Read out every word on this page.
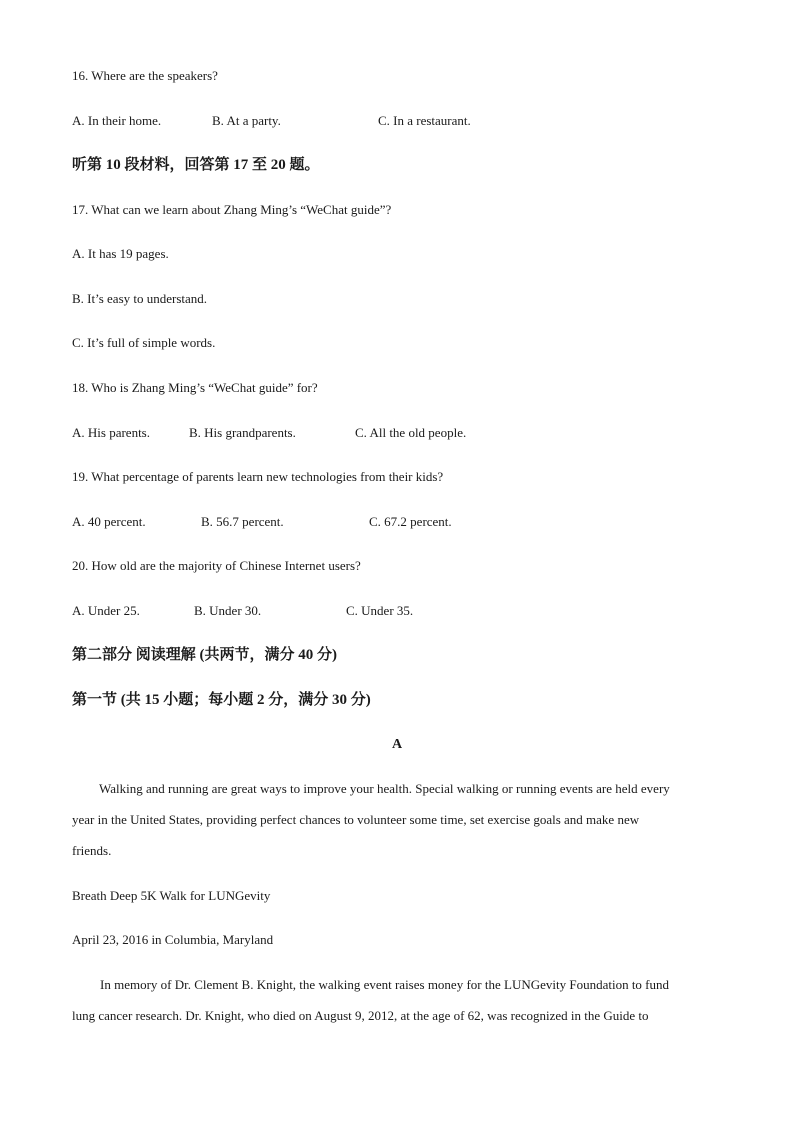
16. Where are the speakers?
A. In their home.	B. At a party.	C. In a restaurant.
听第 10 段材料，回答第 17 至 20 题。
17. What can we learn about Zhang Ming’s “WeChat guide”?
A. It has 19 pages.
B. It’s easy to understand.
C. It’s full of simple words.
18. Who is Zhang Ming’s “WeChat guide” for?
A. His parents.	B. His grandparents.	C. All the old people.
19. What percentage of parents learn new technologies from their kids?
A. 40 percent.	B. 56.7 percent.	C. 67.2 percent.
20. How old are the majority of Chinese Internet users?
A. Under 25.	B. Under 30.	C. Under 35.
第二部分 阅读理解 (共两节，满分 40 分)
第一节 (共 15 小题；每小题 2 分，满分 30 分)
A
Walking and running are great ways to improve your health. Special walking or running events are held every
year in the United States, providing perfect chances to volunteer some time, set exercise goals and make new
friends.
Breath Deep 5K Walk for LUNGevity
April 23, 2016 in Columbia, Maryland
In memory of Dr. Clement B. Knight, the walking event raises money for the LUNGevity Foundation to fund
lung cancer research. Dr. Knight, who died on August 9, 2012, at the age of 62, was recognized in the Guide to
